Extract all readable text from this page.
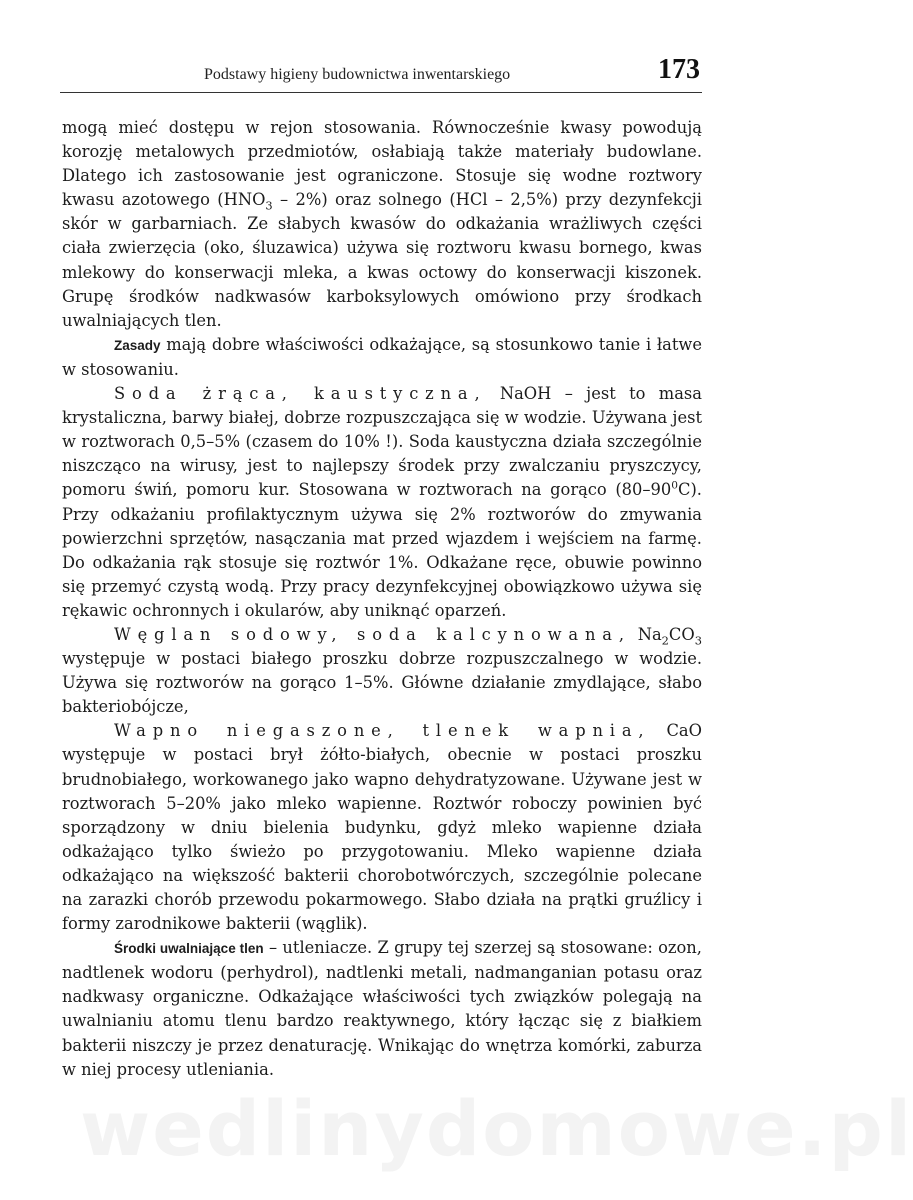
Podstawy higieny budownictwa inwentarskiego	173

mogą mieć dostępu w rejon stosowania. Równocześnie kwasy powodują korozję metalowych przedmiotów, osłabiają także materiały budowlane. Dlatego ich zastosowanie jest ograniczone. Stosuje się wodne roztwory kwasu azotowego $(HNO_3 - 2\%)$ oraz solnego (HCl – 2,5%) przy dezynfekcji skór w garbarniach. Ze słabych kwasów do odkażania wrażliwych części ciała zwierzęcia (oko, śluzawica) używa się roztworu kwasu bornego, kwas mlekowy do konserwacji mleka, a kwas octowy do konserwacji kiszonek. Grupę środków nadkwasów karboksylowych omówiono przy środkach uwalniających tlen.

Zasady mają dobre właściwości odkażające, są stosunkowo tanie i łatwe w stosowaniu.

Soda żrąca, kaustyczna, NaOH – jest to masa krystaliczna, barwy białej, dobrze rozpuszczająca się w wodzie. Używana jest w roztworach 0,5–5% (czasem do 10% !). Soda kaustyczna działa szczególnie niszcząco na wirusy, jest to najlepszy środek przy zwalczaniu pryszczycy, pomoru świń, pomoru kur. Stosowana w roztworach na gorąco $(80-90^0C)$. Przy odkażaniu profilaktycznym używa się 2% roztworów do zmywania powierzchni sprzętów, nasączania mat przed wjazdem i wejściem na farmę. Do odkażania rąk stosuje się roztwór 1%. Odkażane ręce, obuwie powinno się przemyć czystą wodą. Przy pracy dezynfekcyjnej obowiązkowo używa się rękawic ochronnych i okularów, aby uniknąć oparzeń.

Węglan sodowy, soda kalcynowana, $Na_2CO_3$ występuje w postaci białego proszku dobrze rozpuszczalnego w wodzie. Używa się roztworów na gorąco 1–5%. Główne działanie zmydlające, słabo bakteriobójcze,

Wapno niegaszone, tlenek wapnia, CaO występuje w postaci brył żółto-białych, obecnie w postaci proszku brudnobiałego, workowanego jako wapno dehydratyzowane. Używane jest w roztworach 5–20% jako mleko wapienne. Roztwór roboczy powinien być sporządzony w dniu bielenia budynku, gdyż mleko wapienne działa odkażająco tylko świeżo po przygotowaniu. Mleko wapienne działa odkażająco na większość bakterii chorobotwórczych, szczególnie polecane na zarazki chorób przewodu pokarmowego. Słabo działa na prątki gruźlicy i formy zarodnikowe bakterii (wąglik).

Środki uwalniające tlen – utleniacze. Z grupy tej szerzej są stosowane: ozon, nadtlenek wodoru (perhydrol), nadtlenki metali, nadmanganian potasu oraz nadkwasy organiczne. Odkażające właściwości tych związków polegają na uwalnianiu atomu tlenu bardzo reaktywnego, który łącząc się z białkiem bakterii niszczy je przez denaturację. Wnikając do wnętrza komórki, zaburza w niej procesy utleniania.

wedlinydomowe.pl
